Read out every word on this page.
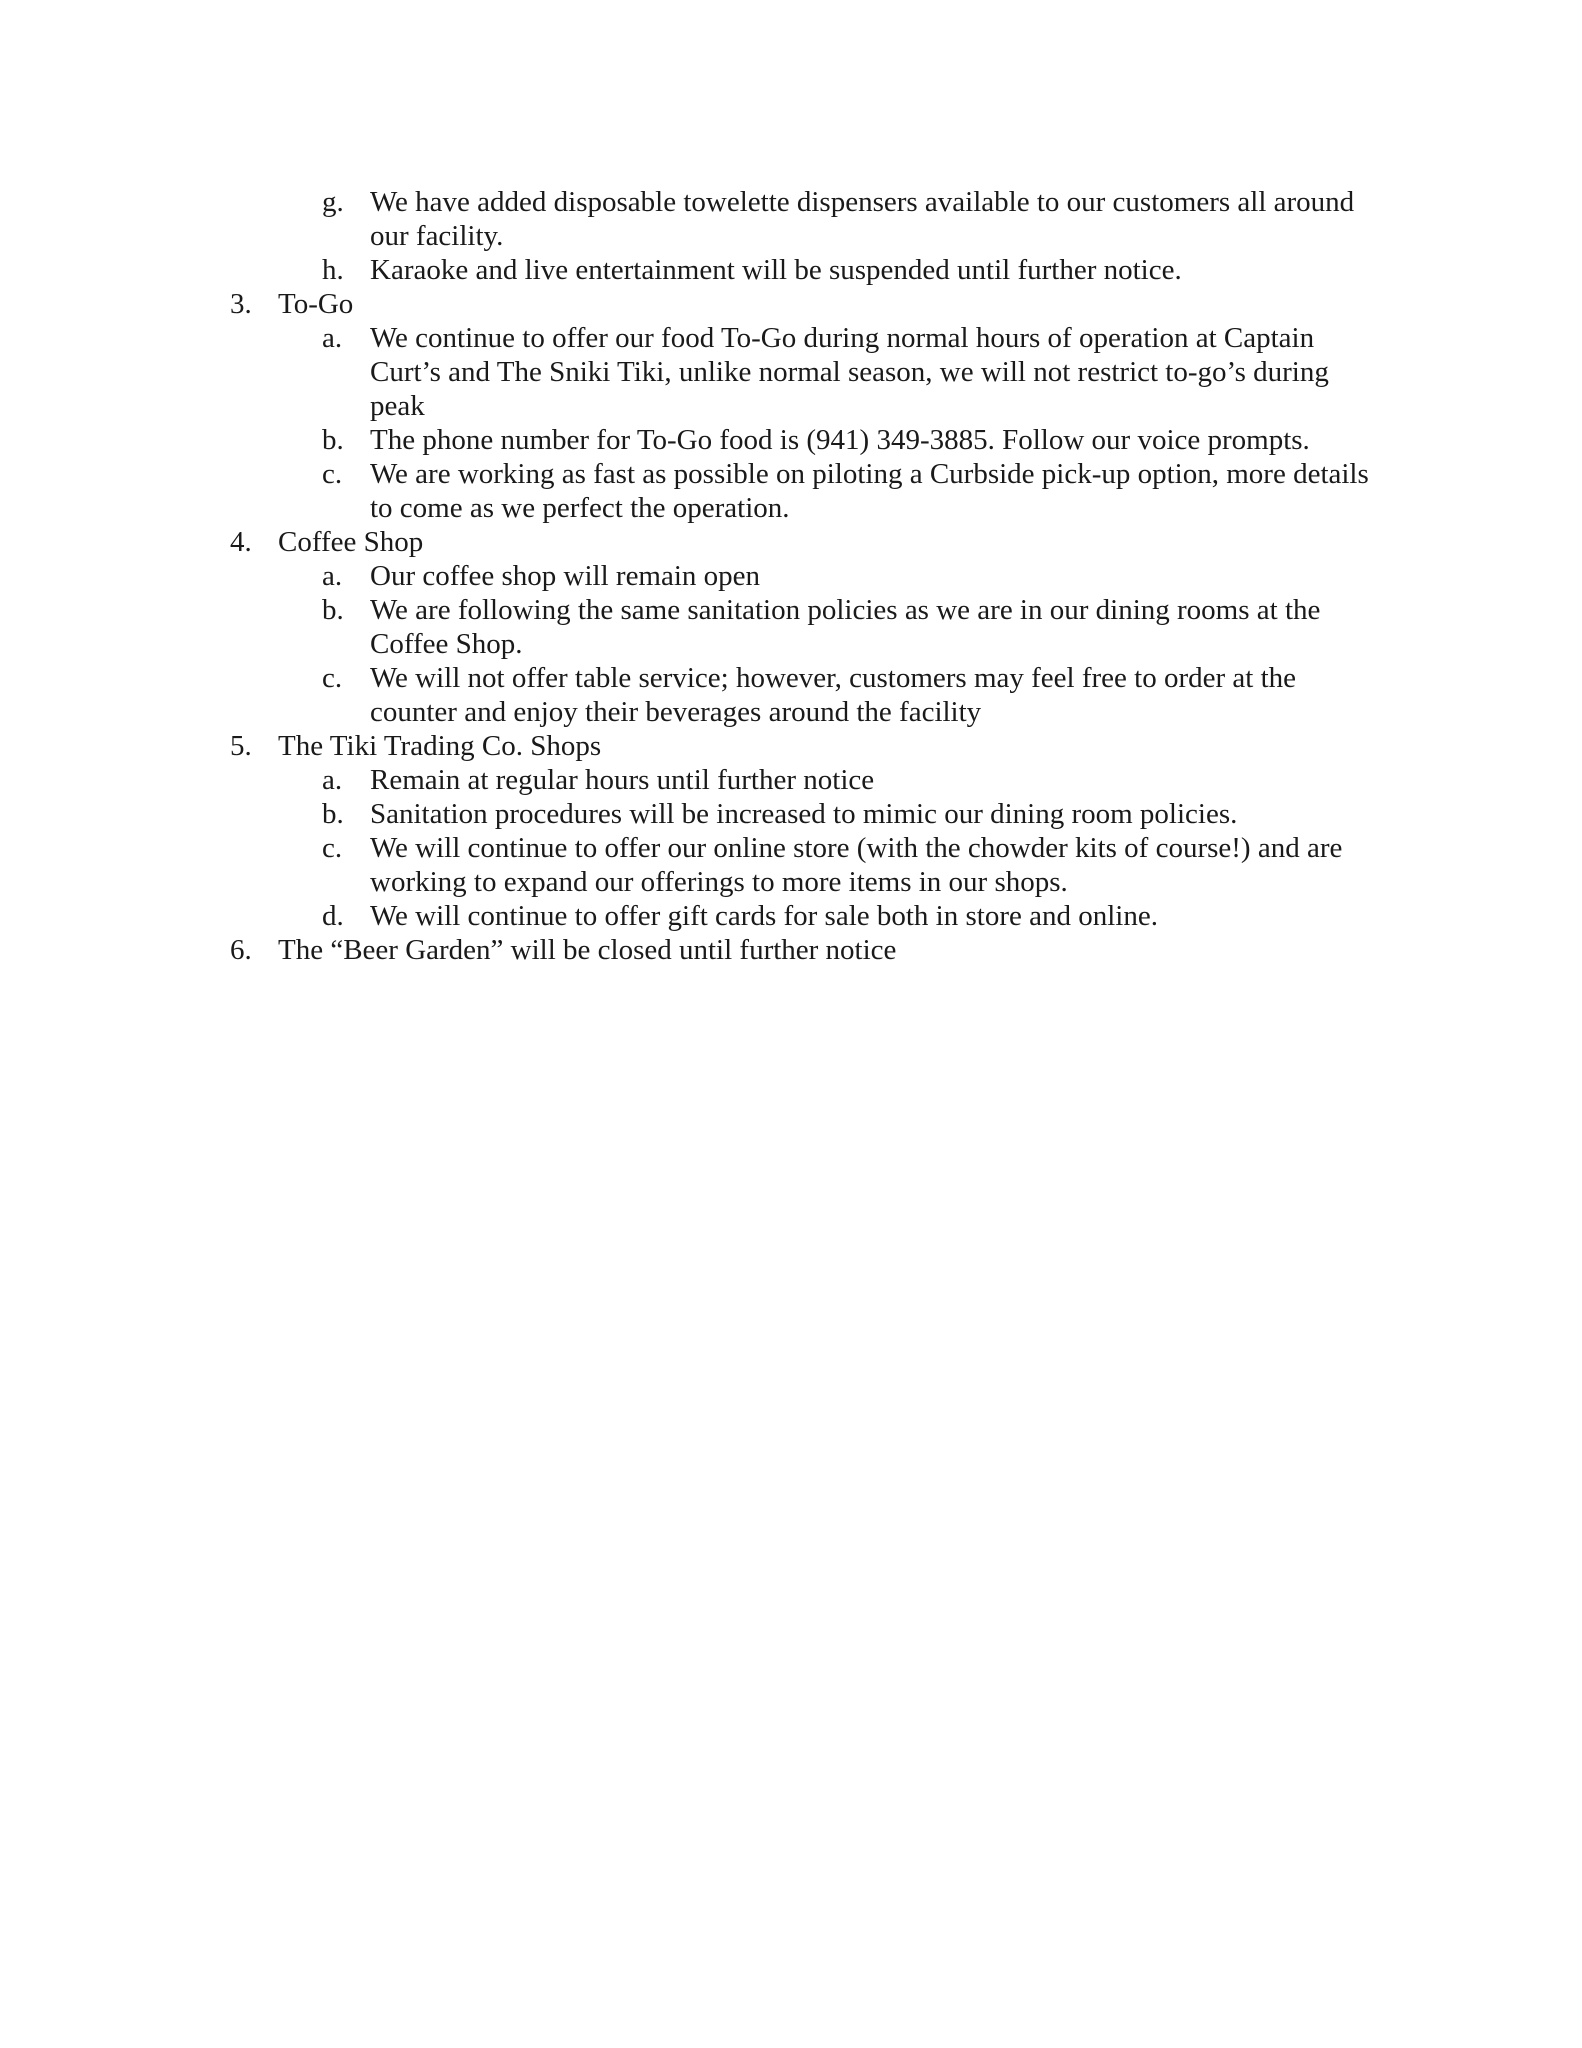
g. We have added disposable towelette dispensers available to our customers all around our facility.
h. Karaoke and live entertainment will be suspended until further notice.
3. To-Go
a. We continue to offer our food To-Go during normal hours of operation at Captain Curt’s and The Sniki Tiki, unlike normal season, we will not restrict to-go’s during peak
b. The phone number for To-Go food is (941) 349-3885. Follow our voice prompts.
c. We are working as fast as possible on piloting a Curbside pick-up option, more details to come as we perfect the operation.
4. Coffee Shop
a. Our coffee shop will remain open
b. We are following the same sanitation policies as we are in our dining rooms at the Coffee Shop.
c. We will not offer table service; however, customers may feel free to order at the counter and enjoy their beverages around the facility
5. The Tiki Trading Co. Shops
a. Remain at regular hours until further notice
b. Sanitation procedures will be increased to mimic our dining room policies.
c. We will continue to offer our online store (with the chowder kits of course!) and are working to expand our offerings to more items in our shops.
d. We will continue to offer gift cards for sale both in store and online.
6. The “Beer Garden” will be closed until further notice
